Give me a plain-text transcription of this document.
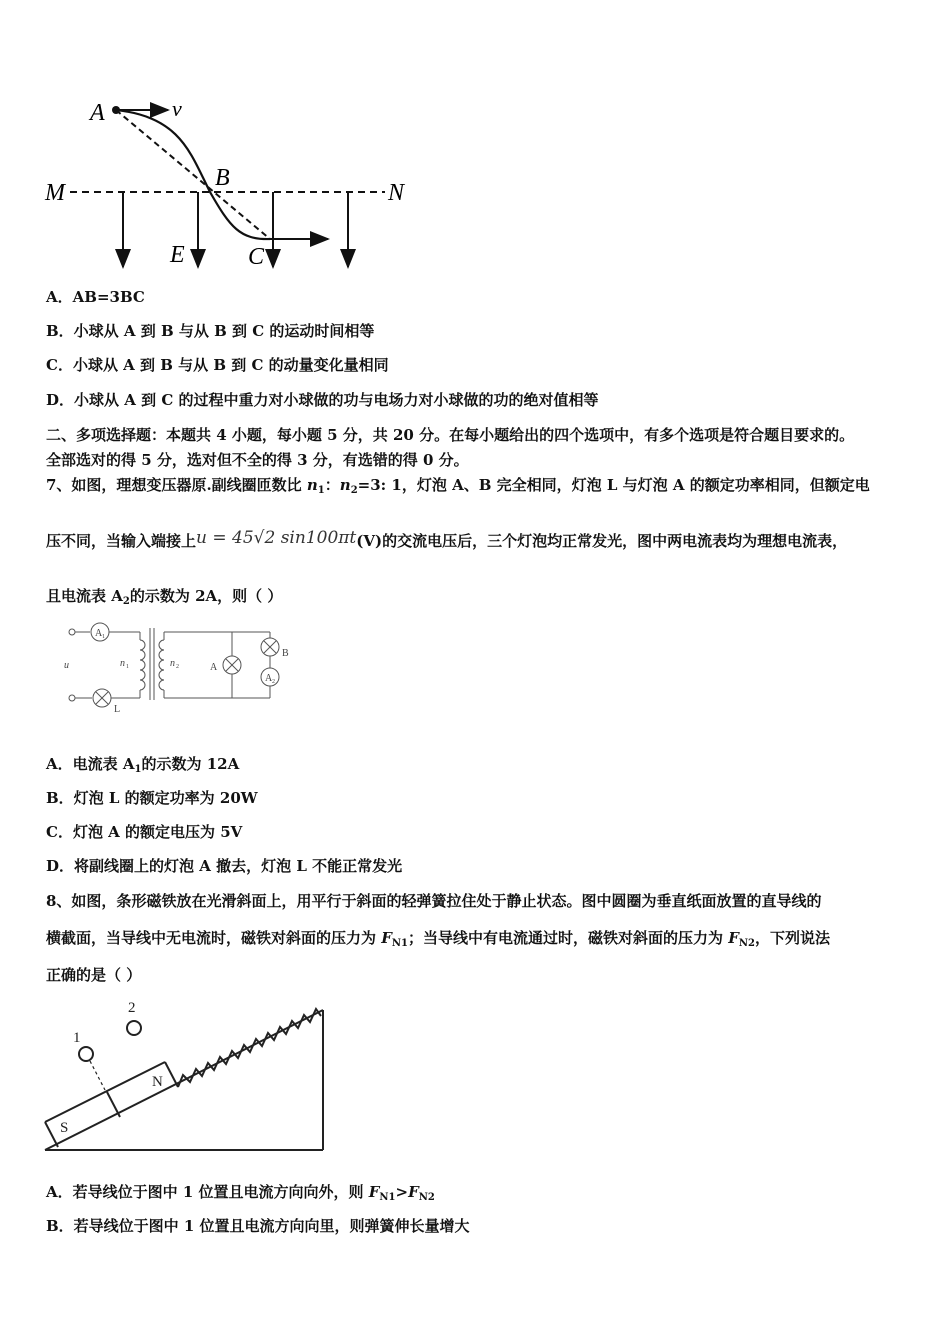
A	v
B
M	N
E	C
A．AB=3BC
B．小球从 A 到 B 与从 B 到 C 的运动时间相等
C．小球从 A 到 B 与从 B 到 C 的动量变化量相同
D．小球从 A 到 C 的过程中重力对小球做的功与电场力对小球做的功的绝对值相等
二、多项选择题：本题共 4 小题，每小题 5 分，共 20 分。在每小题给出的四个选项中，有多个选项是符合题目要求的。
全部选对的得 5 分，选对但不全的得 3 分，有选错的得 0 分。
7、如图，理想变压器原.副线圈匝数比 $n_1$：$n_2=3$: 1，灯泡 A、B 完全相同，灯泡 L 与灯泡 A 的额定功率相同，但额定电
压不同，当输入端接上u = 45√2 sin100πt(V)的交流电压后，三个灯泡均正常发光，图中两电流表均为理想电流表，
且电流表 $A_2$的示数为 2A，则（ ）
A 1
u	n 1	n 2
L
A
B
A 2
A．电流表 $A_1$的示数为 12A
B．灯泡 L 的额定功率为 20W
C．灯泡 A 的额定电压为 5V
D．将副线圈上的灯泡 A 撤去，灯泡 L 不能正常发光
8、如图，条形磁铁放在光滑斜面上，用平行于斜面的轻弹簧拉住处于静止状态。图中圆圈为垂直纸面放置的直导线的
横截面，当导线中无电流时，磁铁对斜面的压力为 $F_{N1}$；当导线中有电流通过时，磁铁对斜面的压力为 $F_{N2}$，下列说法
正确的是（ ）
2
1
S
N
A．若导线位于图中 1 位置且电流方向向外，则 $F_{N1}>F_{N2}$
B．若导线位于图中 1 位置且电流方向向里，则弹簧伸长量增大
